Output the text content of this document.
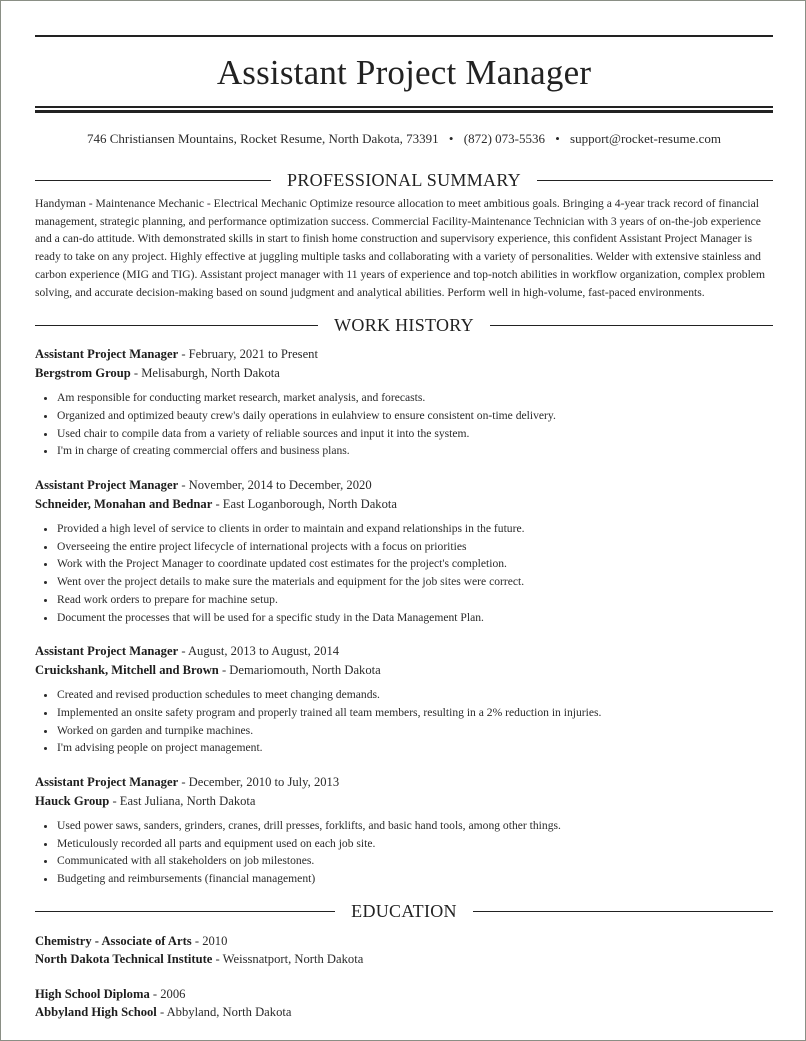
Assistant Project Manager
746 Christiansen Mountains, Rocket Resume, North Dakota, 73391 • (872) 073-5536 • support@rocket-resume.com
PROFESSIONAL SUMMARY
Handyman - Maintenance Mechanic - Electrical Mechanic Optimize resource allocation to meet ambitious goals. Bringing a 4-year track record of financial management, strategic planning, and performance optimization success. Commercial Facility-Maintenance Technician with 3 years of on-the-job experience and a can-do attitude. With demonstrated skills in start to finish home construction and supervisory experience, this confident Assistant Project Manager is ready to take on any project. Highly effective at juggling multiple tasks and collaborating with a variety of personalities. Welder with extensive stainless and carbon experience (MIG and TIG). Assistant project manager with 11 years of experience and top-notch abilities in workflow organization, complex problem solving, and accurate decision-making based on sound judgment and analytical abilities. Perform well in high-volume, fast-paced environments.
WORK HISTORY
Assistant Project Manager - February, 2021 to Present
Bergstrom Group - Melisaburgh, North Dakota
• Am responsible for conducting market research, market analysis, and forecasts.
• Organized and optimized beauty crew's daily operations in eulahview to ensure consistent on-time delivery.
• Used chair to compile data from a variety of reliable sources and input it into the system.
• I'm in charge of creating commercial offers and business plans.
Assistant Project Manager - November, 2014 to December, 2020
Schneider, Monahan and Bednar - East Loganborough, North Dakota
• Provided a high level of service to clients in order to maintain and expand relationships in the future.
• Overseeing the entire project lifecycle of international projects with a focus on priorities
• Work with the Project Manager to coordinate updated cost estimates for the project's completion.
• Went over the project details to make sure the materials and equipment for the job sites were correct.
• Read work orders to prepare for machine setup.
• Document the processes that will be used for a specific study in the Data Management Plan.
Assistant Project Manager - August, 2013 to August, 2014
Cruickshank, Mitchell and Brown - Demariomouth, North Dakota
• Created and revised production schedules to meet changing demands.
• Implemented an onsite safety program and properly trained all team members, resulting in a 2% reduction in injuries.
• Worked on garden and turnpike machines.
• I'm advising people on project management.
Assistant Project Manager - December, 2010 to July, 2013
Hauck Group - East Juliana, North Dakota
• Used power saws, sanders, grinders, cranes, drill presses, forklifts, and basic hand tools, among other things.
• Meticulously recorded all parts and equipment used on each job site.
• Communicated with all stakeholders on job milestones.
• Budgeting and reimbursements (financial management)
EDUCATION
Chemistry - Associate of Arts - 2010
North Dakota Technical Institute - Weissnatport, North Dakota
High School Diploma - 2006
Abbyland High School - Abbyland, North Dakota
